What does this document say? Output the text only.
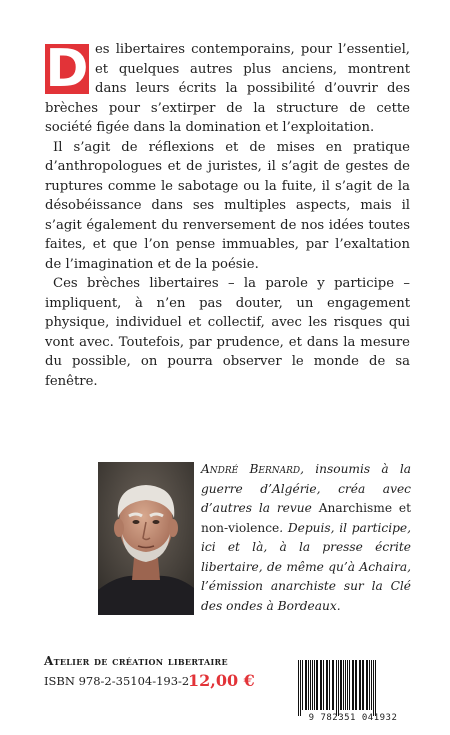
D es libertaires contemporains, pour l’essentiel, et quelques autres plus anciens, montrent dans leurs écrits la possibilité d’ouvrir des brèches pour s’extirper de la structure de cette société figée dans la domination et l’exploitation.

Il s’agit de réflexions et de mises en pratique d’anthropologues et de juristes, il s’agit de gestes de ruptures comme le sabotage ou la fuite, il s’agit de la désobéissance dans ses multiples aspects, mais il s’agit également du renversement de nos idées toutes faites, et que l’on pense immuables, par l’exaltation de l’imagination et de la poésie.

Ces brèches libertaires – la parole y participe – impliquent, à n’en pas douter, un engagement physique, individuel et collectif, avec les risques qui vont avec. Toutefois, par prudence, et dans la mesure du possible, on pourra observer le monde de sa fenêtre.

André Bernard, insoumis à la guerre d’Algérie, créa avec d’autres la revue Anarchisme et non-violence. Depuis, il participe, ici et là, à la presse écrite libertaire, de même qu’à Achaira, l’émission anarchiste sur la Clé des ondes à Bordeaux.
Atelier de création libertaire
ISBN 978-2-35104-193-2
12,00 €
9 782351 041932
